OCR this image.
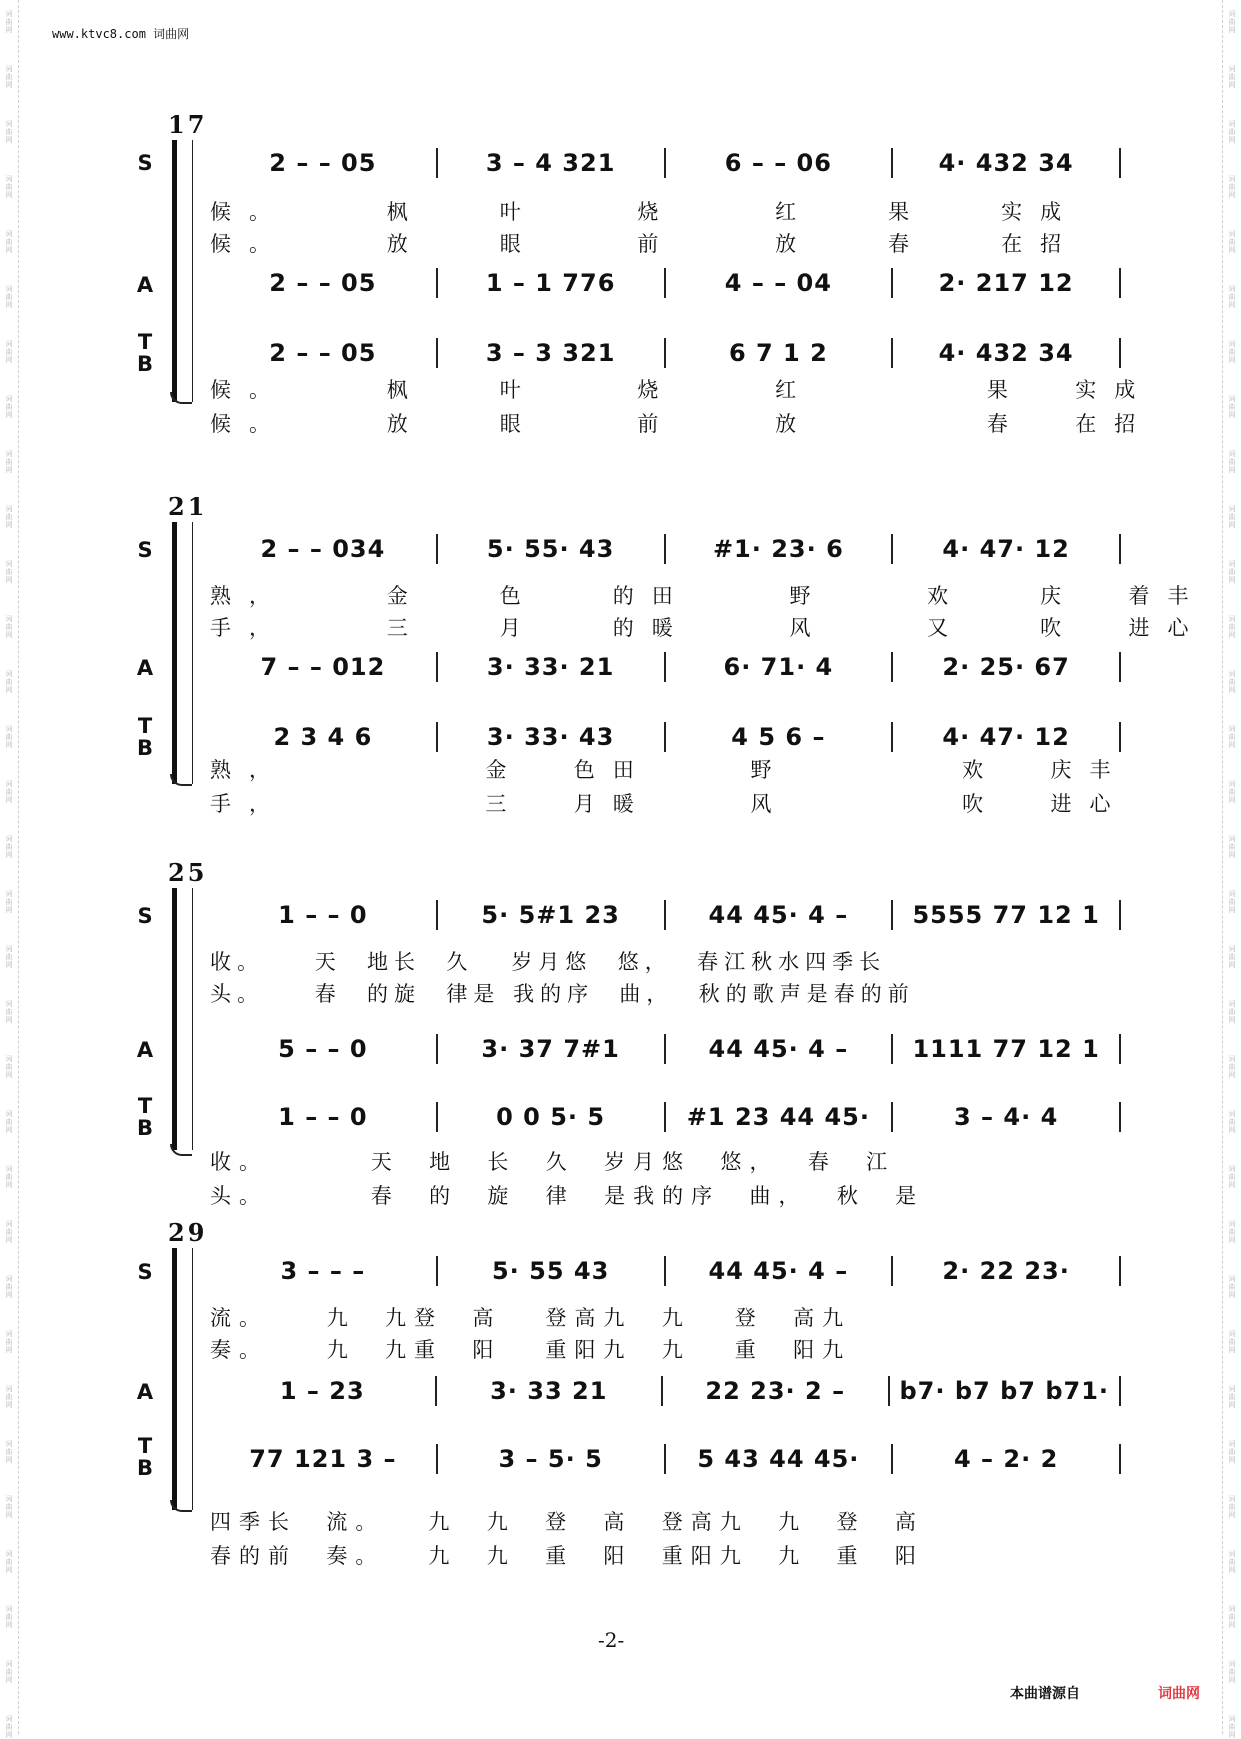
词
曲
网
词
曲
网
词
曲
网
词
曲
网
词
曲
网
词
曲
网
词
曲
网
词
曲
网
词
曲
网
词
曲
网
词
曲
网
词
曲
网
词
曲
网
词
曲
网
词
曲
网
词
曲
网
词
曲
网
词
曲
网
词
曲
网
词
曲
网
词
曲
网
词
曲
网
词
曲
网
词
曲
网
词
曲
网
词
曲
网
词
曲
网
词
曲
网
词
曲
网
词
曲
网
词
曲
网
词
曲
网
词
曲
网
词
曲
网
词
曲
网
词
曲
网
词
曲
网
词
曲
网
词
曲
网
词
曲
网
词
曲
网
词
曲
网
词
曲
网
词
曲
网
词
曲
网
词
曲
网
词
曲
网
词
曲
网
词
曲
网
词
曲
网
词
曲
网
词
曲
网
词
曲
网
词
曲
网
词
曲
网
词
曲
网
词
曲
网
词
曲
网
词
曲
网
词
曲
网
词
曲
网
词
曲
网
词
曲
网
词
曲
网
www.ktvc8.com 词曲网
17
S	2 – – 05	3 – 4 321	6 – – 06	4· 432 34
候。    枫   叶    烧    红   果   实成
候。    放   眼    前    放   春   在招
A	2 – – 05	1 – 1 776	4 – – 04	2· 217 12
T
B	2 – – 05	3 – 3 321	6 7 1 2	4· 432 34
候。    枫   叶    烧    红       果  实成
候。    放   眼    前    放       春  在招
21
S	2 – – 034	5· 55· 43	#1· 23· 6	4· 47· 12
熟，    金   色   的田    野    欢   庆  着丰
手，    三   月   的暖    风    又   吹  进心
A	7 – – 012	3· 33· 21	6· 71· 4	2· 25· 67
T
B	2 3 4 6	3· 33· 43	4 5 6 –	4· 47· 12
熟，        金  色田    野       欢  庆丰
手，        三  月暖    风       吹  进心
25
S	1 – – 0	5· 5#1 23	44 45· 4 –	5555 77 12 1
收。    天  地长  久   岁月悠  悠，  春江秋水四季长
头。    春  的旋  律是 我的序  曲，  秋的歌声是春的前
A	5 – – 0	3· 37 7#1	44 45· 4 –	1111 77 12 1
T
B	1 – – 0	0 0 5· 5	#1 23 44 45·	3 – 4· 4
收。       天  地  长  久  岁月悠  悠，  春  江
头。       春  的  旋  律  是我的序  曲，  秋  是
29
S	3 – – –	5· 55 43	44 45· 4 –	2· 22 23·
流。    九  九登  高   登高九  九   登  高九
奏。    九  九重  阳   重阳九  九   重  阳九
A	1 – 23	3· 33 21	22 23· 2 –	b7· b7 b7 b71·
T
B	77 121 3 –	3 – 5· 5	5 43 44 45·	4 – 2· 2
四季长  流。   九  九  登  高  登高九  九  登  高
春的前  奏。   九  九  重  阳  重阳九  九  重  阳
-2-
本曲谱源自	词曲网
